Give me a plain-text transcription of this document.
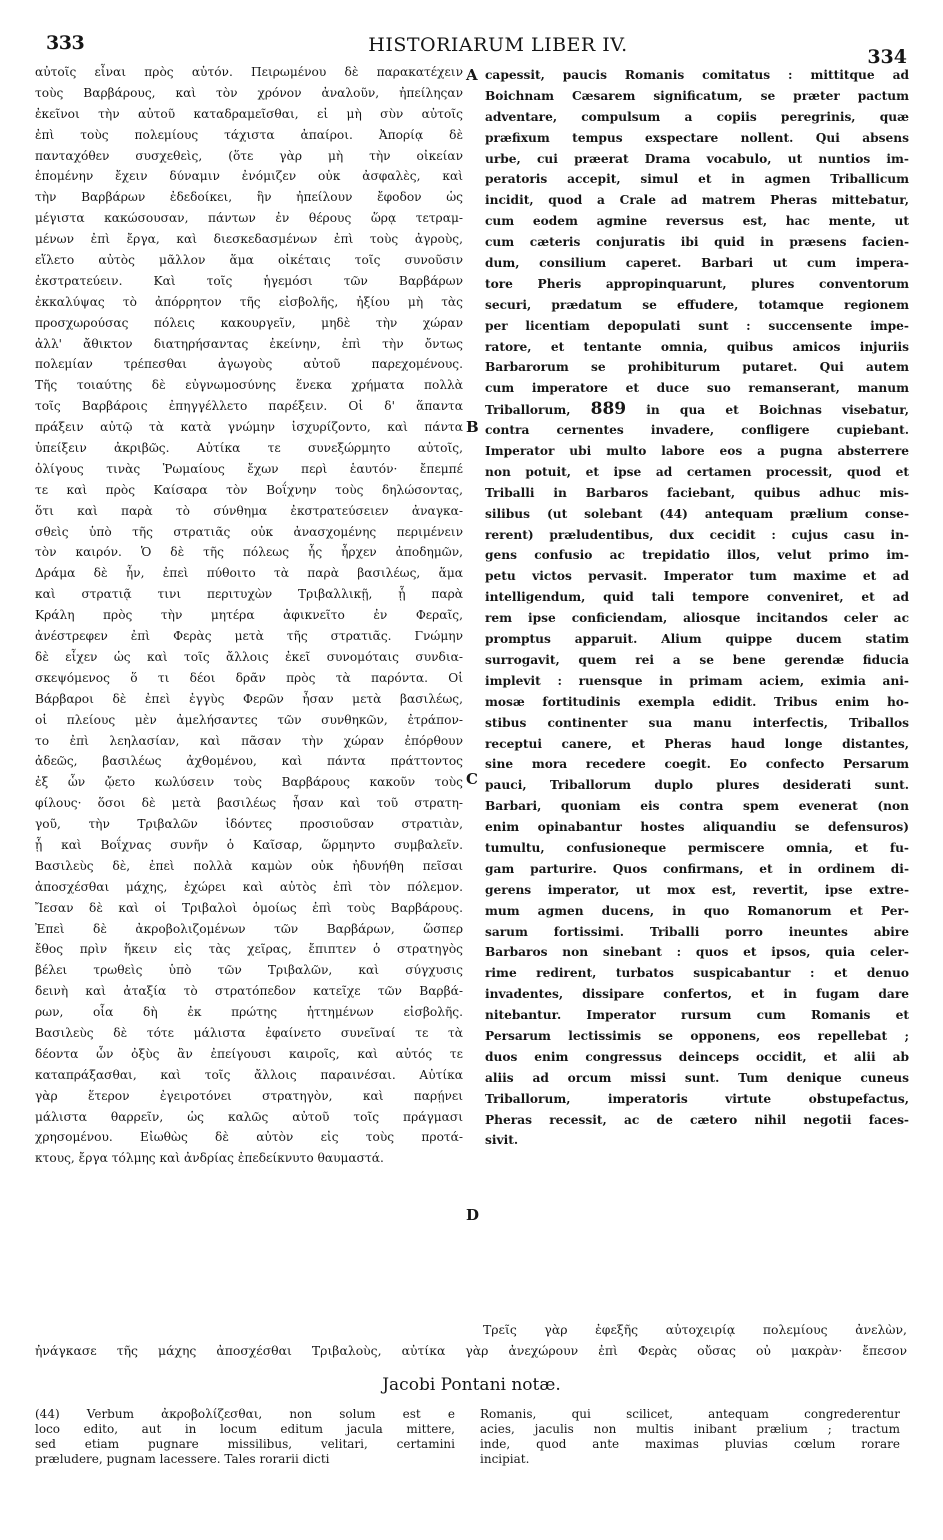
333	HISTORIARUM LIBER IV.
334
αὐτοῖς εἶναι πρὸς αὐτόν. Πειρωμένου δὲ παρακατέχειν
τοὺς Βαρβάρους, καὶ τὸν χρόνον ἀναλοῦν, ἠπείληςαν
ἐκεῖνοι τὴν αὐτοῦ καταδραμεῖσθαι, εἰ μὴ σὺν αὐτοῖς
ἐπὶ τοὺς πολεμίους τάχιστα ἀπαίροι. Ἀπορίᾳ δὲ
πανταχόθεν συσχεθεὶς, (ὅτε γὰρ μὴ τὴν οἰκείαν
ἑπομένην ἔχειν δύναμιν ἐνόμιζεν οὐκ ἀσφαλὲς, καὶ
τὴν Βαρβάρων ἐδεδοίκει, ἣν ἠπείλουν ἔφοδον ὡς
μέγιστα κακώσουσαν, πάντων ἐν θέρους ὥρᾳ τετραμ-
μένων ἐπὶ ἔργα, καὶ διεσκεδασμένων ἐπὶ τοὺς ἀγροὺς,
εἵλετο αὐτὸς μᾶλλον ἅμα οἰκέταις τοῖς συνοῦσιν
ἐκστρατεύειν. Καὶ τοῖς ἡγεμόσι τῶν Βαρβάρων
ἐκκαλύψας τὸ ἀπόρρητον τῆς εἰσβολῆς, ἠξίου μὴ τὰς
προσχωρούσας πόλεις κακουργεῖν, μηδὲ τὴν χώραν
ἀλλ' ἄθικτον διατηρήσαντας ἐκείνην, ἐπὶ τὴν ὄντως
πολεμίαν τρέπεσθαι ἀγωγοὺς αὐτοῦ παρεχομένους.
Τῆς τοιαύτης δὲ εὐγνωμοσύνης ἕνεκα χρήματα πολλὰ
τοῖς Βαρβάροις ἐπηγγέλλετο παρέξειν. Οἱ δ' ἅπαντα
πράξειν αὐτῷ τὰ κατὰ γνώμην ἰσχυρίζοντο, καὶ πάντα
ὑπείξειν ἀκριβῶς. Αὐτίκα τε συνεξώρμητο αὐτοῖς,
ὀλίγους τινὰς Ῥωμαίους ἔχων περὶ ἑαυτόν· ἔπεμπέ
τε καὶ πρὸς Καίσαρα τὸν Βοΐχνην τοὺς δηλώσοντας,
ὅτι καὶ παρὰ τὸ σύνθημα ἐκστρατεύσειεν ἀναγκα-
σθεὶς ὑπὸ τῆς στρατιᾶς οὐκ ἀνασχομένης περιμένειν
τὸν καιρόν. Ὁ δὲ τῆς πόλεως ἧς ἦρχεν ἀποδημῶν,
Δράμα δὲ ἦν, ἐπεὶ πύθοιτο τὰ παρὰ βασιλέως, ἅμα
καὶ στρατιᾷ τινι περιτυχὼν Τριβαλλικῇ, ᾗ παρὰ
Κράλη πρὸς τὴν μητέρα ἀφικνεῖτο ἐν Φεραῖς,
ἀνέστρεφεν ἐπὶ Φερὰς μετὰ τῆς στρατιᾶς. Γνώμην
δὲ εἶχεν ὡς καὶ τοῖς ἄλλοις ἐκεῖ συνομόταις συνδια-
σκεψόμενος ὅ τι δέοι δρᾶν πρὸς τὰ παρόντα. Οἱ
Βάρβαροι δὲ ἐπεὶ ἐγγὺς Φερῶν ἦσαν μετὰ βασιλέως,
οἱ πλείους μὲν ἀμελήσαντες τῶν συνθηκῶν, ἐτράπον-
το ἐπὶ λεηλασίαν, καὶ πᾶσαν τὴν χώραν ἐπόρθουν
ἀδεῶς, βασιλέως ἀχθομένου, καὶ πάντα πράττοντος
ἐξ ὧν ᾤετο κωλύσειν τοὺς Βαρβάρους κακοῦν τοὺς
φίλους· ὅσοι δὲ μετὰ βασιλέως ἦσαν καὶ τοῦ στρατη-
γοῦ, τὴν Τριβαλῶν ἰδόντες προσιοῦσαν στρατιὰν,
ᾗ καὶ Βοΐχνας συνῆν ὁ Καῖσαρ, ὥρμηντο συμβαλεῖν.
Βασιλεὺς δὲ, ἐπεὶ πολλὰ καμὼν οὐκ ἠδυνήθη πεῖσαι
ἀποσχέσθαι μάχης, ἐχώρει καὶ αὐτὸς ἐπὶ τὸν πόλεμον.
Ἴεσαν δὲ καὶ οἱ Τριβαλοὶ ὁμοίως ἐπὶ τοὺς Βαρβάρους.
Ἐπεὶ δὲ ἀκροβολιζομένων τῶν Βαρβάρων, ὥσπερ
ἔθος πρὶν ἥκειν εἰς τὰς χεῖρας, ἔπιπτεν ὁ στρατηγὸς
βέλει τρωθεὶς ὑπὸ τῶν Τριβαλῶν, καὶ σύγχυσις
δεινὴ καὶ ἀταξία τὸ στρατόπεδον κατεῖχε τῶν Βαρβά-
ρων, οἷα δὴ ἐκ πρώτης ἡττημένων εἰσβολῆς.
Βασιλεὺς δὲ τότε μάλιστα ἐφαίνετο συνεῖναί τε τὰ
δέοντα ὧν ὀξὺς ἂν ἐπείγουσι καιροῖς, καὶ αὐτός τε
καταπράξασθαι, καὶ τοῖς ἄλλοις παραινέσαι. Αὐτίκα
γὰρ ἕτερον ἐγειροτόνει στρατηγὸν, καὶ παρῄνει
μάλιστα θαρρεῖν, ὡς καλῶς αὐτοῦ τοῖς πράγμασι
χρησομένου. Εἰωθὼς δὲ αὐτὸν εἰς τοὺς προτά-
κτους, ἔργα τόλμης καὶ ἀνδρίας ἐπεδείκνυτο θαυμαστά.
capessit, paucis Romanis comitatus : mittitque ad
Boichnam Cæsarem significatum, se præter pactum
adventare, compulsum a copiis peregrinis, quæ
præfixum tempus exspectare nollent. Qui absens
urbe, cui præerat Drama vocabulo, ut nuntios im-
peratoris accepit, simul et in agmen Triballicum
incidit, quod a Crale ad matrem Pheras mittebatur,
cum eodem agmine reversus est, hac mente, ut
cum cæteris conjuratis ibi quid in præsens facien-
dum, consilium caperet. Barbari ut cum impera-
tore Pheris appropinquarunt, plures conventorum
securi, prædatum se effudere, totamque regionem
per licentiam depopulati sunt : succensente impe-
ratore, et tentante omnia, quibus amicos injuriis
Barbarorum se prohibiturum putaret. Qui autem
cum imperatore et duce suo remanserant, manum
Triballorum, 889 in qua et Boichnas visebatur,
contra cernentes invadere, confligere cupiebant.
Imperator ubi multo labore eos a pugna absterrere
non potuit, et ipse ad certamen processit, quod et
Triballi in Barbaros faciebant, quibus adhuc mis-
silibus (ut solebant (44) antequam prælium conse-
rerent) præludentibus, dux cecidit : cujus casu in-
gens confusio ac trepidatio illos, velut primo im-
petu victos pervasit. Imperator tum maxime et ad
intelligendum, quid tali tempore conveniret, et ad
rem ipse conficiendam, aliosque incitandos celer ac
promptus apparuit. Alium quippe ducem statim
surrogavit, quem rei a se bene gerendæ fiducia
implevit : ruensque in primam aciem, eximia ani-
mosæ fortitudinis exempla edidit. Tribus enim ho-
stibus continenter sua manu interfectis, Triballos
receptui canere, et Pheras haud longe distantes,
sine mora recedere coegit. Eo confecto Persarum
pauci, Triballorum duplo plures desiderati sunt.
Barbari, quoniam eis contra spem evenerat (non
enim opinabantur hostes aliquandiu se defensuros)
tumultu, confusioneque permiscere omnia, et fu-
gam parturire. Quos confirmans, et in ordinem di-
gerens imperator, ut mox est, revertit, ipse extre-
mum agmen ducens, in quo Romanorum et Per-
sarum fortissimi. Triballi porro ineuntes abire
Barbaros non sinebant : quos et ipsos, quia celer-
rime redirent, turbatos suspicabantur : et denuo
invadentes, dissipare confertos, et in fugam dare
nitebantur. Imperator rursum cum Romanis et
Persarum lectissimis se opponens, eos repellebat ;
duos enim congressus deinceps occidit, et alii ab
aliis ad orcum missi sunt. Tum denique cuneus
Triballorum, imperatoris virtute obstupefactus,
Pheras recessit, ac de cætero nihil negotii faces-
sivit.
A
B
C
D
Τρεῖς γὰρ ἐφεξῆς αὐτοχειρίᾳ πολεμίους ἀνελὼν,
ἠνάγκασε τῆς μάχης ἀποσχέσθαι Τριβαλοὺς, αὐτίκα γὰρ ἀνεχώρουν ἐπὶ Φερὰς οὔσας οὐ μακρὰν· ἔπεσον
Jacobi Pontani notæ.
(44) Verbum ἀκροβολίζεσθαι, non solum est e
loco edito, aut in locum editum jacula mittere,
sed etiam pugnare missilibus, velitari, certamini
præludere, pugnam lacessere. Tales rorarii dicti
Romanis, qui scilicet, antequam congrederentur
acies, jaculis non multis inibant prælium ; tractum
inde, quod ante maximas pluvias cœlum rorare
incipiat.
